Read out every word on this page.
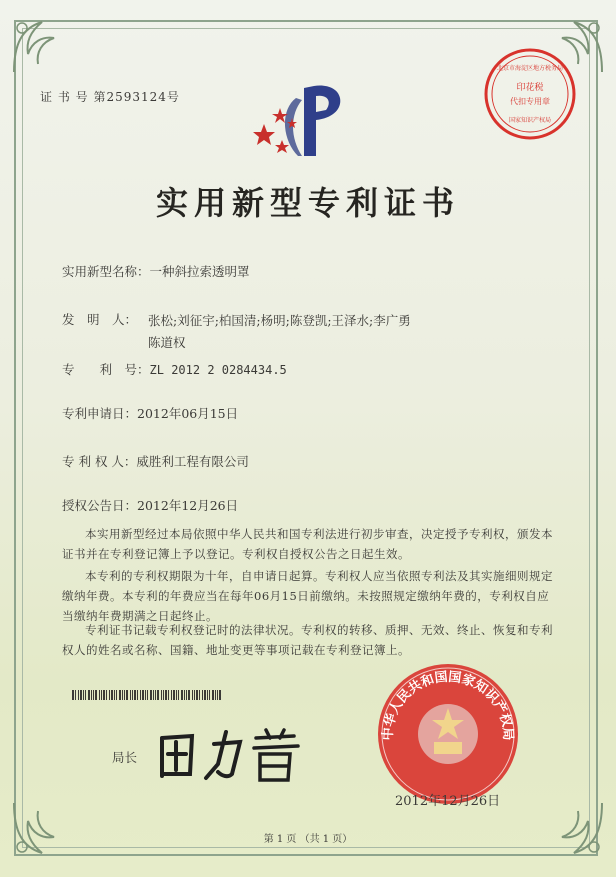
证 书 号 第2593124号
印花税
代扣专用章
北京市海淀区地方税务局
国家知识产权局
实用新型专利证书
实用新型名称：一种斜拉索透明罩
发　明　人： 张松;刘征宇;柏国清;杨明;陈登凯;王泽水;李广勇
陈道权
专　　利　号：ZL 2012 2 0284434.5
专利申请日：2012年06月15日
专 利 权 人：威胜利工程有限公司
授权公告日：2012年12月26日
本实用新型经过本局依照中华人民共和国专利法进行初步审查，决定授予专利权，颁发本证书并在专利登记簿上予以登记。专利权自授权公告之日起生效。
本专利的专利权期限为十年，自申请日起算。专利权人应当依照专利法及其实施细则规定缴纳年费。本专利的年费应当在每年06月15日前缴纳。未按照规定缴纳年费的，专利权自应当缴纳年费期满之日起终止。
专利证书记载专利权登记时的法律状况。专利权的转移、质押、无效、终止、恢复和专利权人的姓名或名称、国籍、地址变更等事项记载在专利登记簿上。
局长
中华人民共和国国家知识产权局
2012年12月26日
第 1 页 （共 1 页）
